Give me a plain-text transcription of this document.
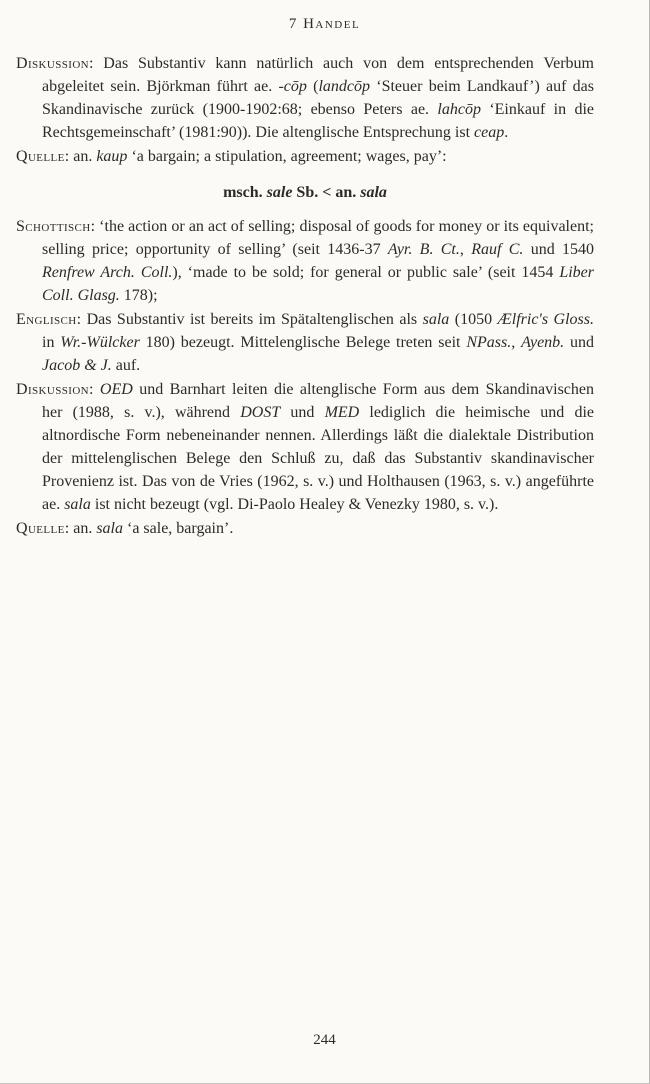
7 Handel

Diskussion: Das Substantiv kann natürlich auch von dem entsprechenden Verbum abgeleitet sein. Björkman führt ae. -cōp (landcōp ‘Steuer beim Landkauf’) auf das Skandinavische zurück (1900-1902:68; ebenso Peters ae. lahcōp ‘Einkauf in die Rechtsgemeinschaft’ (1981:90)). Die altenglische Entsprechung ist ceap.

Quelle: an. kaup ‘a bargain; a stipulation, agreement; wages, pay’:

msch. sale Sb. < an. sala

Schottisch: ‘the action or an act of selling; disposal of goods for money or its equivalent; selling price; opportunity of selling’ (seit 1436-37 Ayr. B. Ct., Rauf C. und 1540 Renfrew Arch. Coll.), ‘made to be sold; for general or public sale’ (seit 1454 Liber Coll. Glasg. 178);

Englisch: Das Substantiv ist bereits im Spätaltenglischen als sala (1050 Ælfric's Gloss. in Wr.-Wülcker 180) bezeugt. Mittelenglische Belege treten seit NPass., Ayenb. und Jacob & J. auf.

Diskussion: OED und Barnhart leiten die altenglische Form aus dem Skandinavischen her (1988, s. v.), während DOST und MED lediglich die heimische und die altnordische Form nebeneinander nennen. Allerdings läßt die dialektale Distribution der mittelenglischen Belege den Schluß zu, daß das Substantiv skandinavischer Provenienz ist. Das von de Vries (1962, s. v.) und Holthausen (1963, s. v.) angeführte ae. sala ist nicht bezeugt (vgl. Di-Paolo Healey & Venezky 1980, s. v.).

Quelle: an. sala ‘a sale, bargain’.

244
